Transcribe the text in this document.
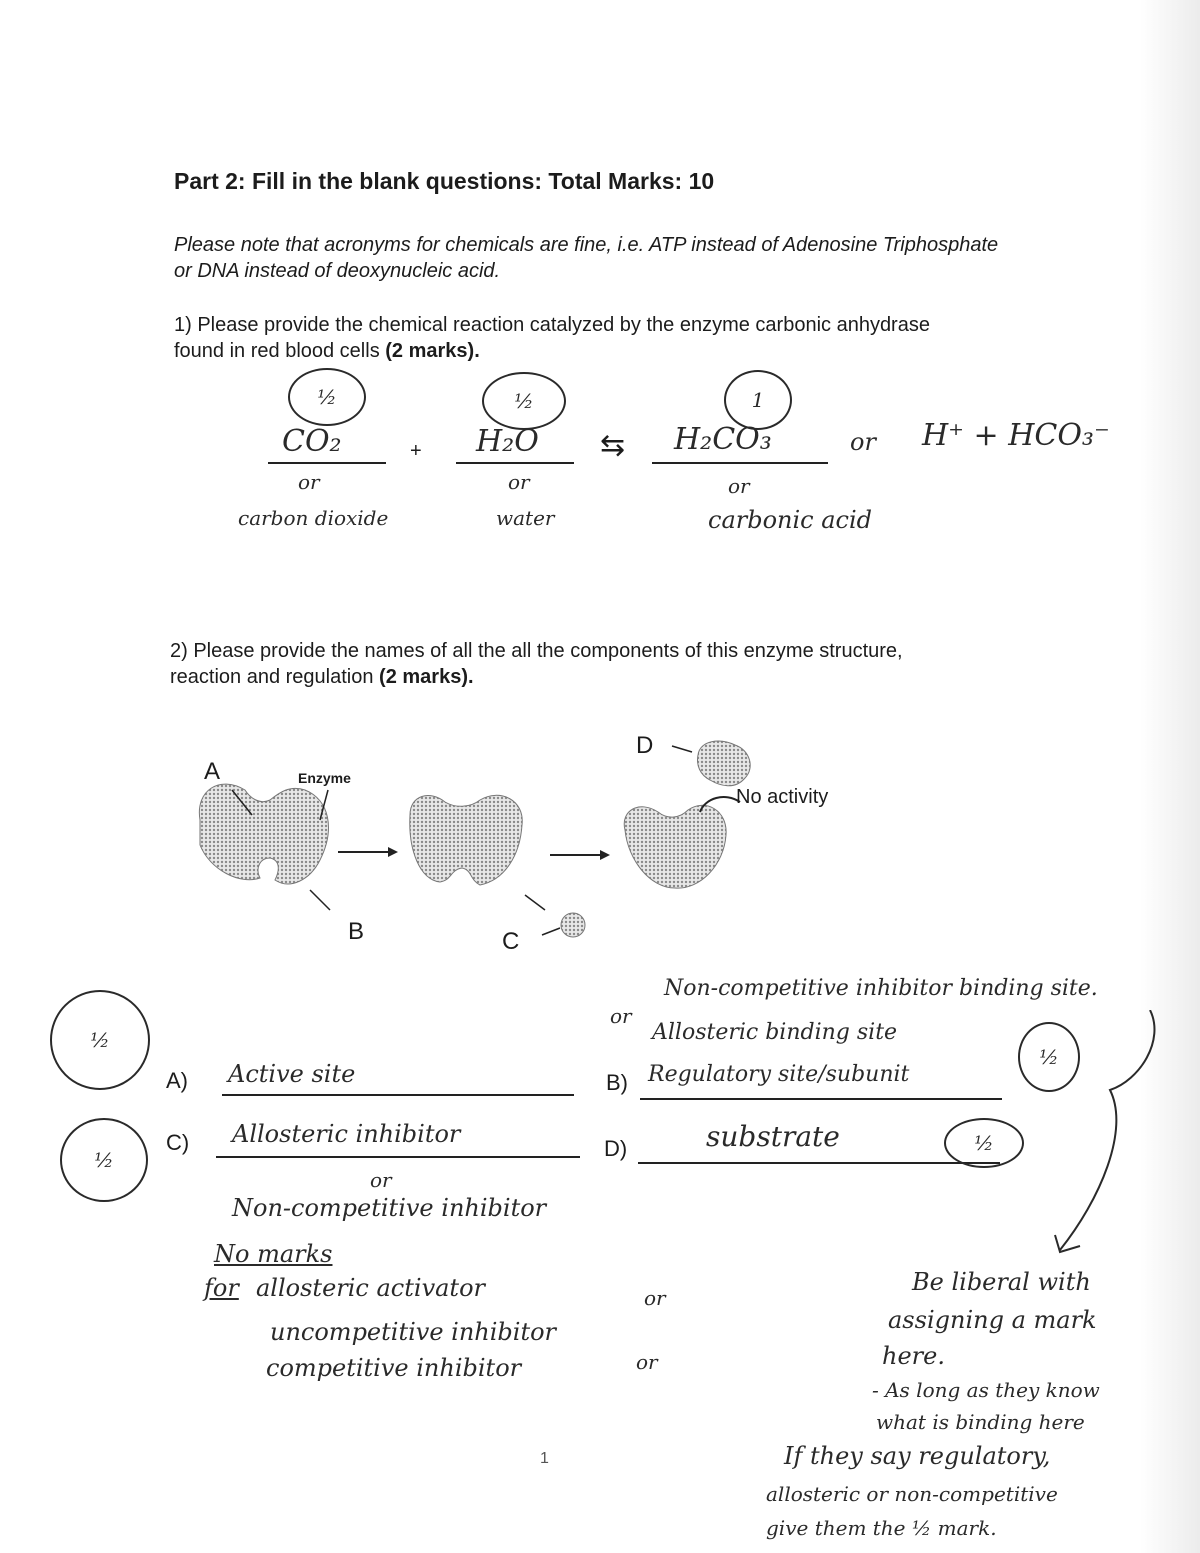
Part 2: Fill in the blank questions: Total Marks: 10
Please note that acronyms for chemicals are fine, i.e. ATP instead of Adenosine Triphosphate or DNA instead of deoxynucleic acid.
1) Please provide the chemical reaction catalyzed by the enzyme carbonic anhydrase found in red blood cells (2 marks).
½	½	1
CO₂	+ H₂O ⇆ H₂CO₃	or H⁺ + HCO₃⁻
or
carbon dioxide
or
water
or
carbonic acid
2) Please provide the names of all the all the components of this enzyme structure, reaction and regulation (2 marks).
A	Enzyme
B	C
D
No activity
½
½
A) Active site
Non-competitive inhibitor binding site.
or
Allosteric binding site
½
B) Regulatory site/subunit
C) Allosteric inhibitor
D)	substrate	½
or
Non-competitive inhibitor
No marks
for allosteric activator	or
uncompetitive inhibitor
competitive inhibitor	or
Be liberal with
assigning a mark
here.
- As long as they know
what is binding here
If they say regulatory,
allosteric or non-competitive
give them the ½ mark.
1
